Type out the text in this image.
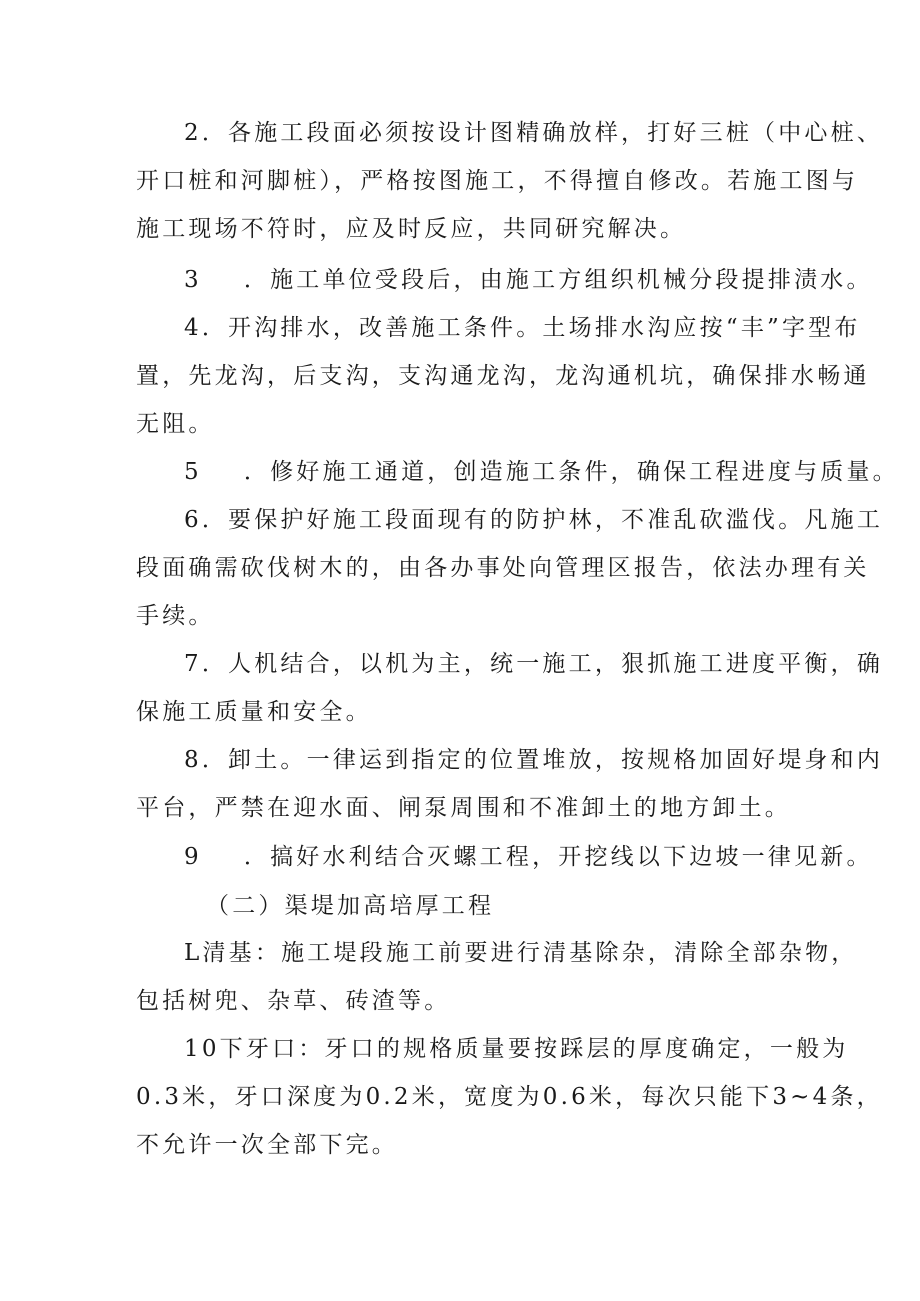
2．各施工段面必须按设计图精确放样，打好三桩（中心桩、
开口桩和河脚桩），严格按图施工，不得擅自修改。若施工图与
施工现场不符时，应及时反应，共同研究解决。
3    ．施工单位受段后，由施工方组织机械分段提排渍水。
4．开沟排水，改善施工条件。土场排水沟应按“丰”字型布
置，先龙沟，后支沟，支沟通龙沟，龙沟通机坑，确保排水畅通
无阻。
5    ．修好施工通道，创造施工条件，确保工程进度与质量。
6．要保护好施工段面现有的防护林，不准乱砍滥伐。凡施工
段面确需砍伐树木的，由各办事处向管理区报告，依法办理有关
手续。
7．人机结合，以机为主，统一施工，狠抓施工进度平衡，确
保施工质量和安全。
8．卸土。一律运到指定的位置堆放，按规格加固好堤身和内
平台，严禁在迎水面、闸泵周围和不准卸土的地方卸土。
9    ．搞好水利结合灭螺工程，开挖线以下边坡一律见新。
（二）渠堤加高培厚工程
L清基：施工堤段施工前要进行清基除杂，清除全部杂物，
包括树兜、杂草、砖渣等。
10下牙口：牙口的规格质量要按踩层的厚度确定，一般为
0.3米，牙口深度为0.2米，宽度为0.6米，每次只能下3~4条，
不允许一次全部下完。
